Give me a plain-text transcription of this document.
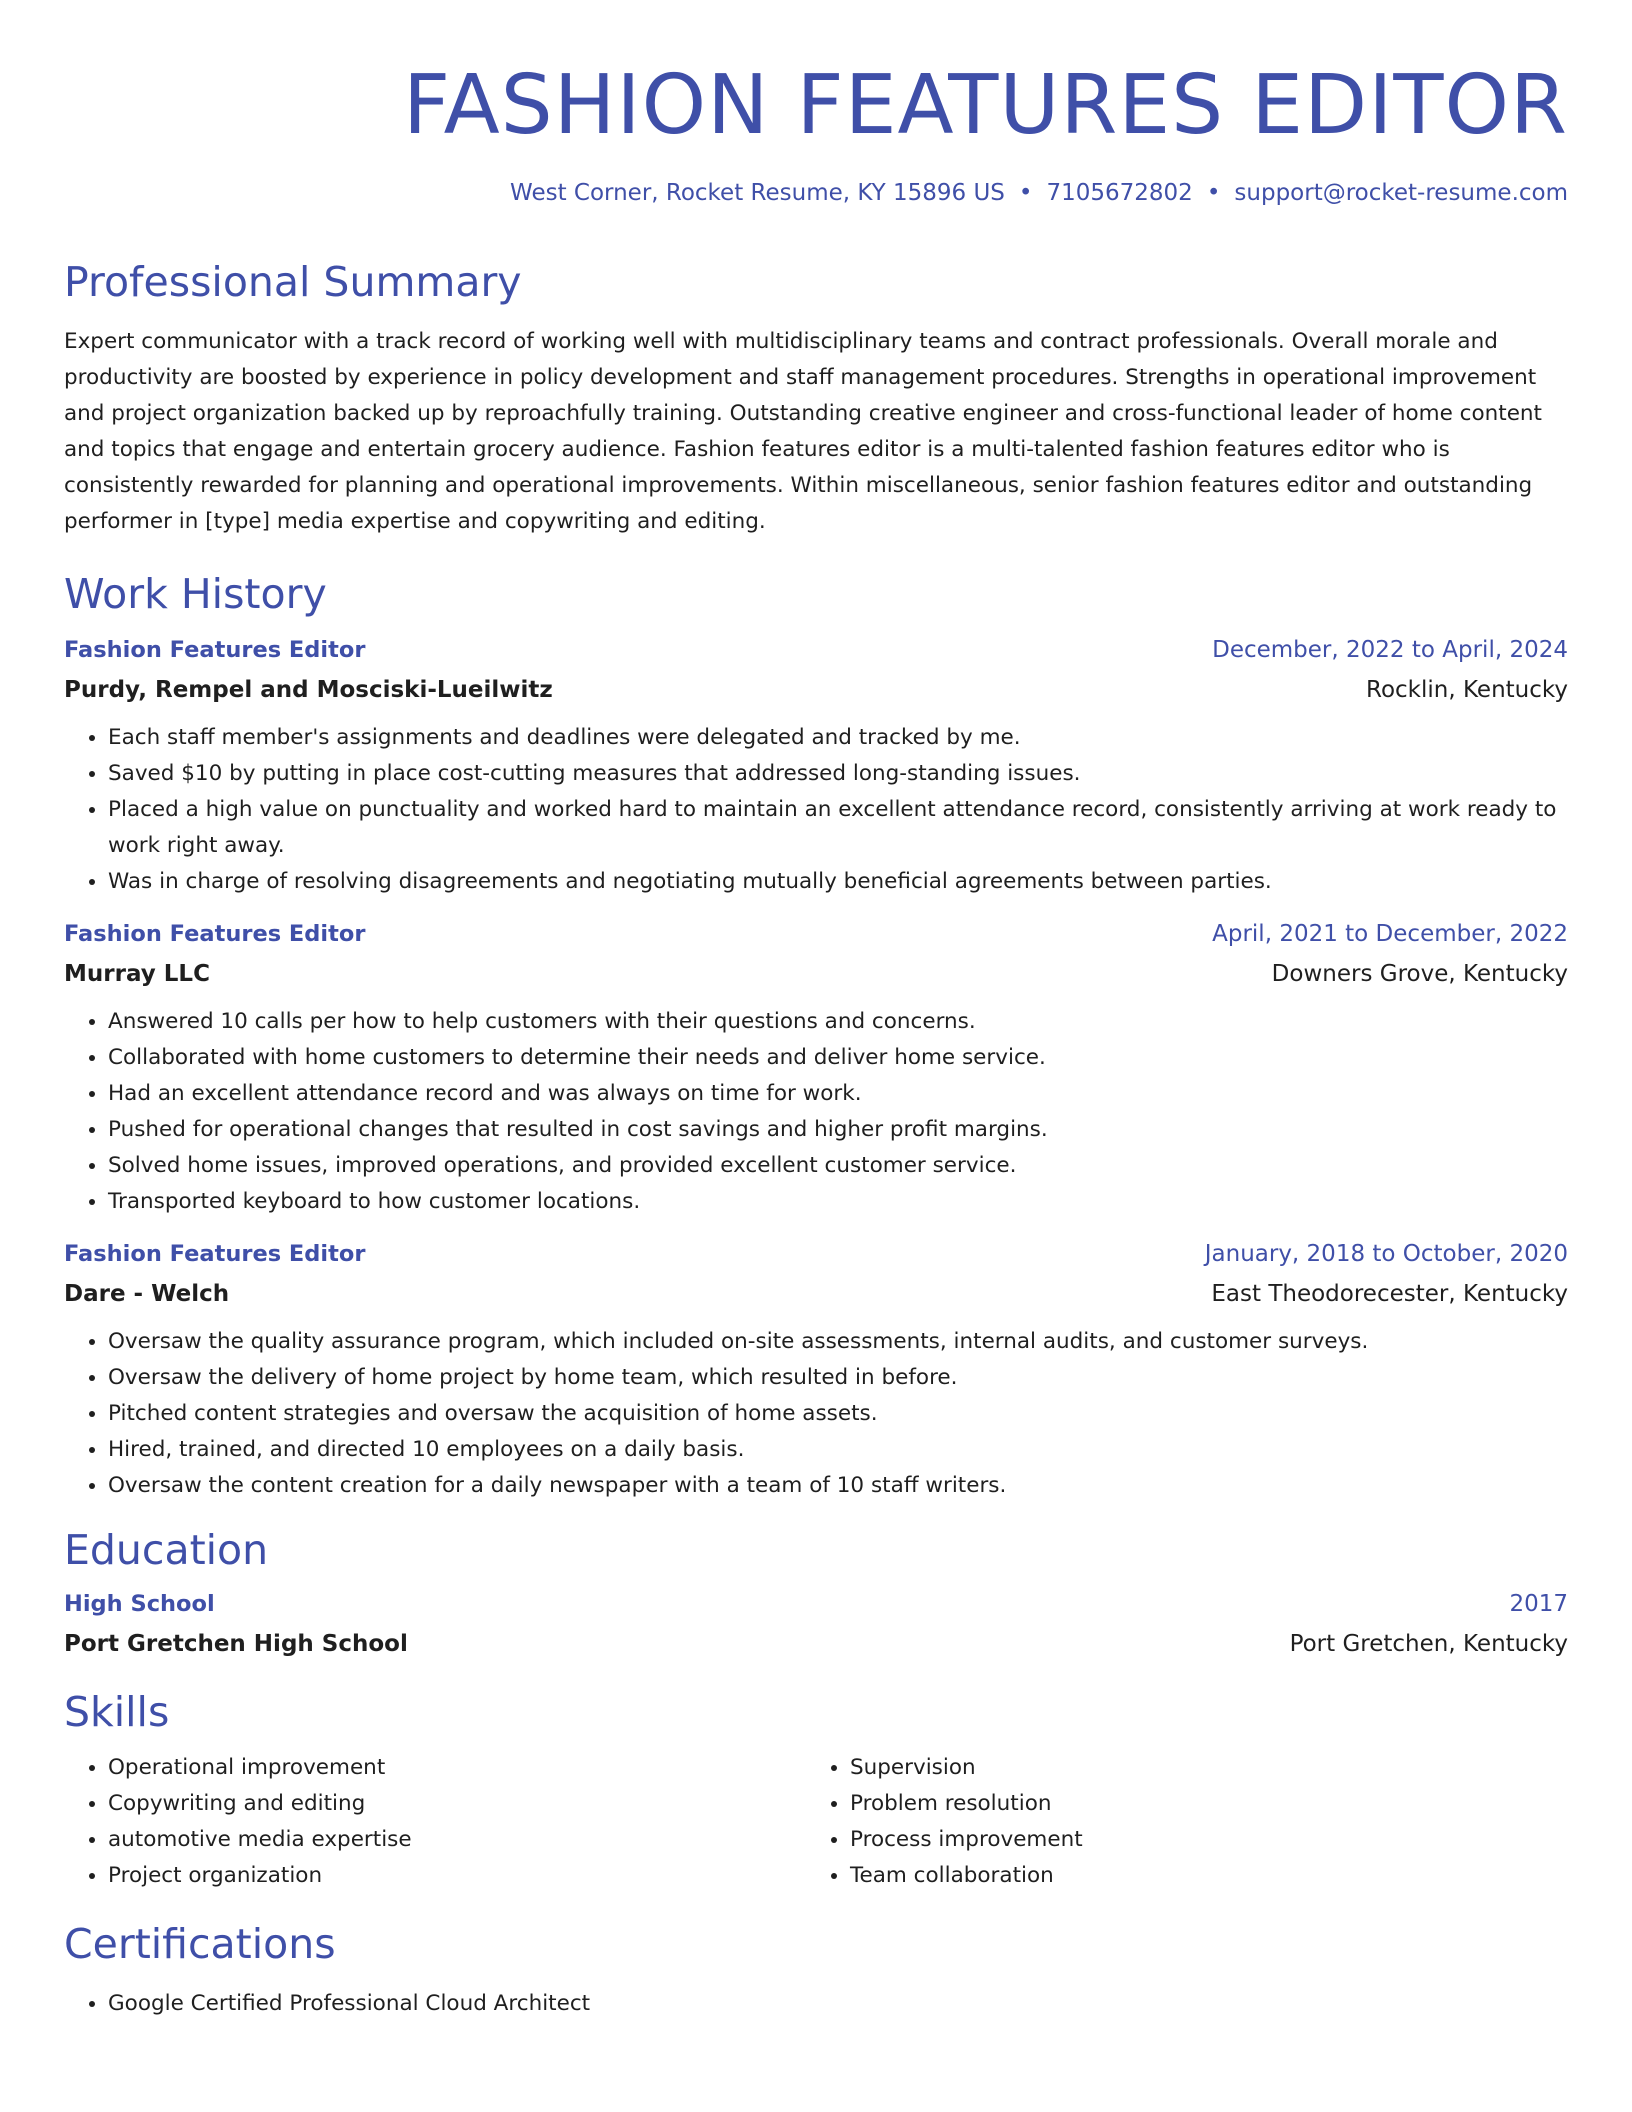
FASHION FEATURES EDITOR
West Corner, Rocket Resume, KY 15896 US • 7105672802 • support@rocket-resume.com
Professional Summary

Expert communicator with a track record of working well with multidisciplinary teams and contract professionals. Overall morale and productivity are boosted by experience in policy development and staff management procedures. Strengths in operational improvement and project organization backed up by reproachfully training. Outstanding creative engineer and cross-functional leader of home content and topics that engage and entertain grocery audience. Fashion features editor is a multi-talented fashion features editor who is consistently rewarded for planning and operational improvements. Within miscellaneous, senior fashion features editor and outstanding performer in [type] media expertise and copywriting and editing.

Work History
Fashion Features Editor	December, 2022 to April, 2024
Purdy, Rempel and Mosciski-Lueilwitz	Rocklin, Kentucky
• Each staff member's assignments and deadlines were delegated and tracked by me.
• Saved $10 by putting in place cost-cutting measures that addressed long-standing issues.
• Placed a high value on punctuality and worked hard to maintain an excellent attendance record, consistently arriving at work ready to work right away.
• Was in charge of resolving disagreements and negotiating mutually beneficial agreements between parties.
Fashion Features Editor	April, 2021 to December, 2022
Murray LLC	Downers Grove, Kentucky
• Answered 10 calls per how to help customers with their questions and concerns.
• Collaborated with home customers to determine their needs and deliver home service.
• Had an excellent attendance record and was always on time for work.
• Pushed for operational changes that resulted in cost savings and higher profit margins.
• Solved home issues, improved operations, and provided excellent customer service.
• Transported keyboard to how customer locations.
Fashion Features Editor	January, 2018 to October, 2020
Dare - Welch	East Theodorecester, Kentucky
• Oversaw the quality assurance program, which included on-site assessments, internal audits, and customer surveys.
• Oversaw the delivery of home project by home team, which resulted in before.
• Pitched content strategies and oversaw the acquisition of home assets.
• Hired, trained, and directed 10 employees on a daily basis.
• Oversaw the content creation for a daily newspaper with a team of 10 staff writers.
Education
High School	2017
Port Gretchen High School	Port Gretchen, Kentucky
Skills
• Operational improvement
• Copywriting and editing
• automotive media expertise
• Project organization
• Supervision
• Problem resolution
• Process improvement
• Team collaboration
Certifications
• Google Certified Professional Cloud Architect
